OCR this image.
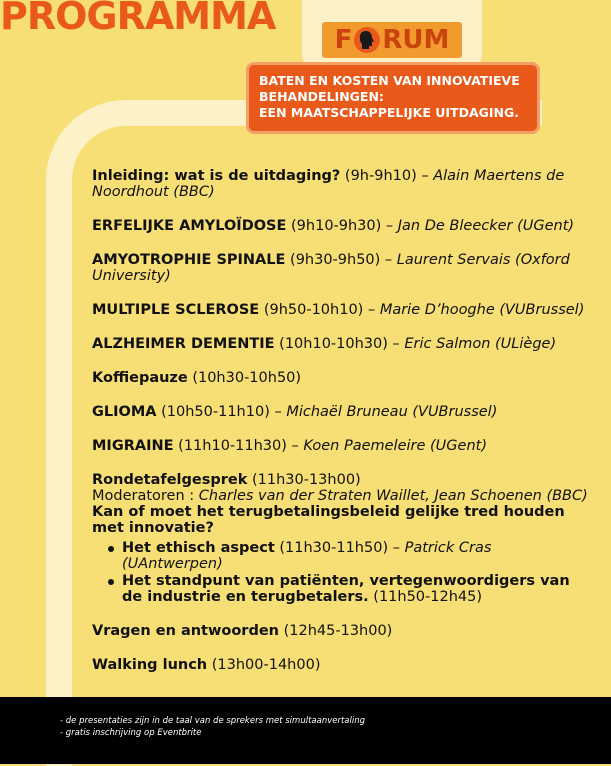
PROGRAMMA
F RUM
BATEN EN KOSTEN VAN INNOVATIEVE
BEHANDELINGEN:
EEN MAATSCHAPPELIJKE UITDAGING.
Inleiding: wat is de uitdaging? (9h-9h10) – Alain Maertens de Noordhout (BBC)
ERFELIJKE AMYLOÏDOSE (9h10-9h30) – Jan De Bleecker (UGent)
AMYOTROPHIE SPINALE (9h30-9h50) – Laurent Servais (Oxford University)
MULTIPLE SCLEROSE (9h50-10h10) – Marie D’hooghe (VUBrussel)
ALZHEIMER DEMENTIE (10h10-10h30) – Eric Salmon (ULiège)
Koffiepauze (10h30-10h50)
GLIOMA (10h50-11h10) – Michaël Bruneau (VUBrussel)
MIGRAINE (11h10-11h30) – Koen Paemeleire (UGent)
Rondetafelgesprek (11h30-13h00)
Moderatoren : Charles van der Straten Waillet, Jean Schoenen (BBC)
Kan of moet het terugbetalingsbeleid gelijke tred houden met innovatie?
Het ethisch aspect (11h30-11h50) – Patrick Cras (UAntwerpen)
Het standpunt van patiënten, vertegenwoordigers van de industrie en terugbetalers. (11h50-12h45)
Vragen en antwoorden (12h45-13h00)
Walking lunch (13h00-14h00)
- de presentaties zijn in de taal van de sprekers met simultaanvertaling
- gratis inschrijving op Eventbrite
